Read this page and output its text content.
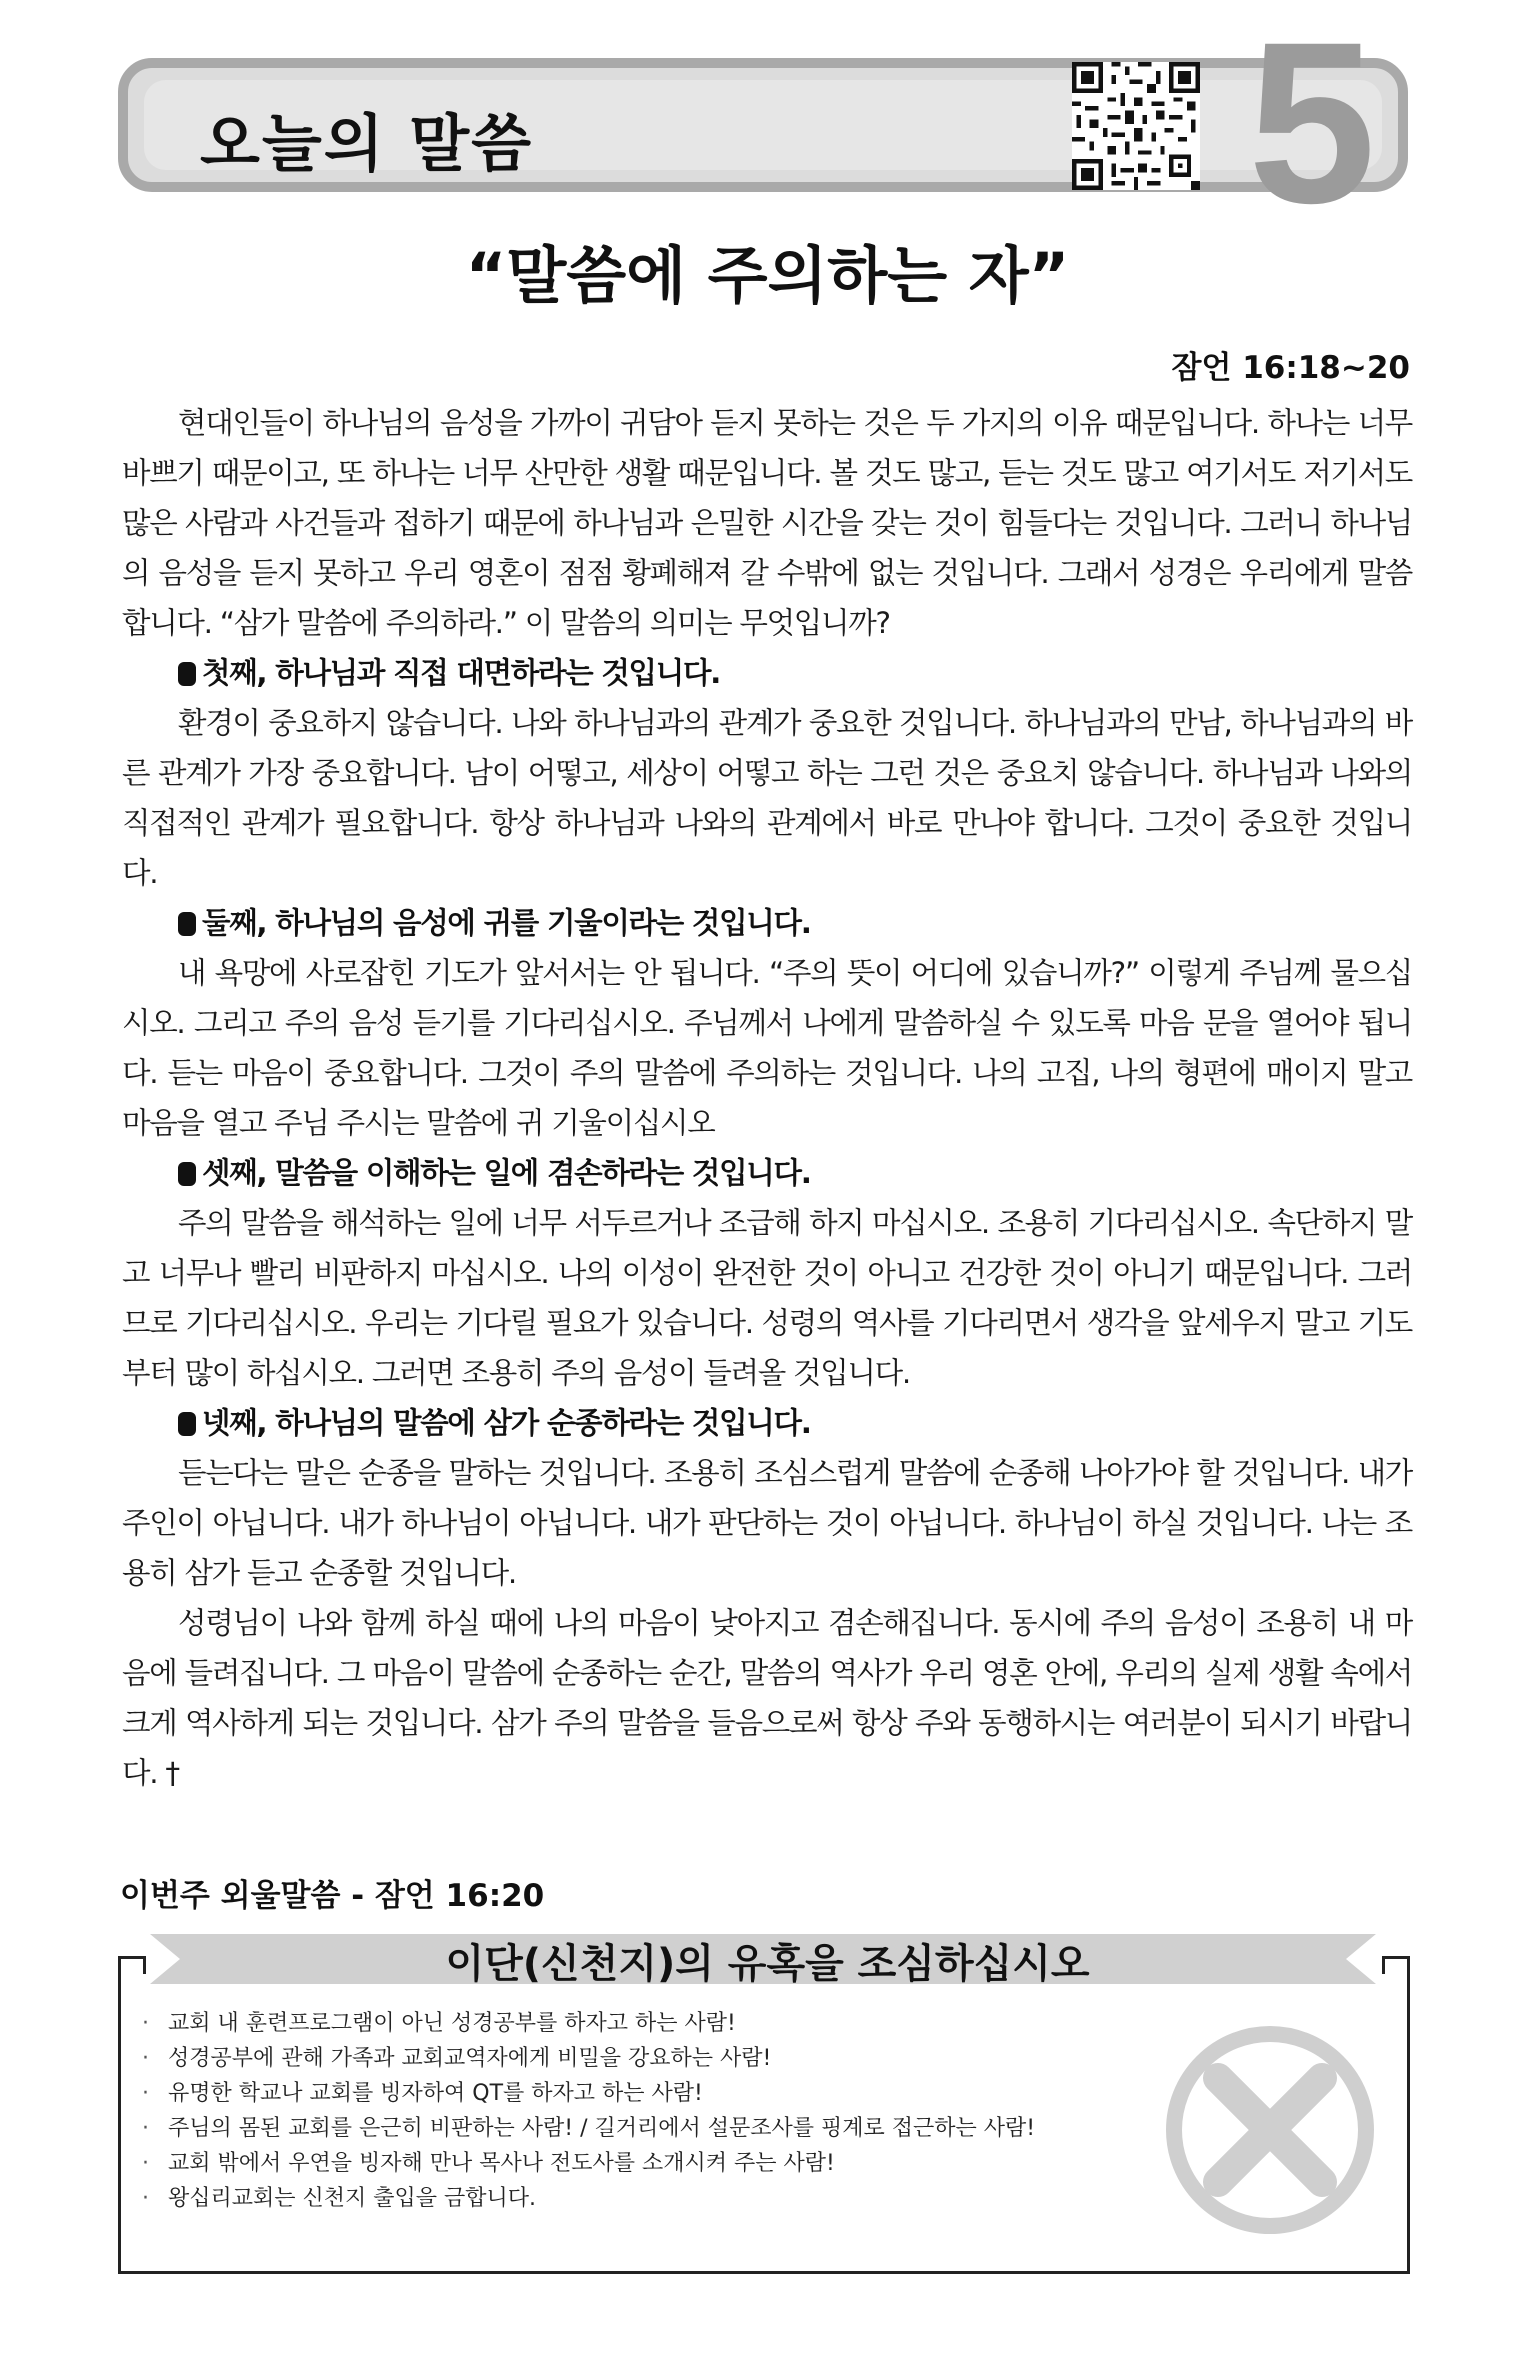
오늘의 말씀	5
“말씀에 주의하는 자”
잠언 16:18~20

현대인들이 하나님의 음성을 가까이 귀담아 듣지 못하는 것은 두 가지의 이유 때문입니다. 하나는 너무 바쁘기 때문이고, 또 하나는 너무 산만한 생활 때문입니다. 볼 것도 많고, 듣는 것도 많고 여기서도 저기서도 많은 사람과 사건들과 접하기 때문에 하나님과 은밀한 시간을 갖는 것이 힘들다는 것입니다. 그러니 하나님의 음성을 듣지 못하고 우리 영혼이 점점 황폐해져 갈 수밖에 없는 것입니다. 그래서 성경은 우리에게 말씀합니다. “삼가 말씀에 주의하라.” 이 말씀의 의미는 무엇입니까?

첫째, 하나님과 직접 대면하라는 것입니다.

환경이 중요하지 않습니다. 나와 하나님과의 관계가 중요한 것입니다. 하나님과의 만남, 하나님과의 바른 관계가 가장 중요합니다. 남이 어떻고, 세상이 어떻고 하는 그런 것은 중요치 않습니다. 하나님과 나와의 직접적인 관계가 필요합니다. 항상 하나님과 나와의 관계에서 바로 만나야 합니다. 그것이 중요한 것입니다.

둘째, 하나님의 음성에 귀를 기울이라는 것입니다.

내 욕망에 사로잡힌 기도가 앞서서는 안 됩니다. “주의 뜻이 어디에 있습니까?” 이렇게 주님께 물으십시오. 그리고 주의 음성 듣기를 기다리십시오. 주님께서 나에게 말씀하실 수 있도록 마음 문을 열어야 됩니다. 듣는 마음이 중요합니다. 그것이 주의 말씀에 주의하는 것입니다. 나의 고집, 나의 형편에 매이지 말고 마음을 열고 주님 주시는 말씀에 귀 기울이십시오

셋째, 말씀을 이해하는 일에 겸손하라는 것입니다.

주의 말씀을 해석하는 일에 너무 서두르거나 조급해 하지 마십시오. 조용히 기다리십시오. 속단하지 말고 너무나 빨리 비판하지 마십시오. 나의 이성이 완전한 것이 아니고 건강한 것이 아니기 때문입니다. 그러므로 기다리십시오. 우리는 기다릴 필요가 있습니다. 성령의 역사를 기다리면서 생각을 앞세우지 말고 기도부터 많이 하십시오. 그러면 조용히 주의 음성이 들려올 것입니다.

넷째, 하나님의 말씀에 삼가 순종하라는 것입니다.

듣는다는 말은 순종을 말하는 것입니다. 조용히 조심스럽게 말씀에 순종해 나아가야 할 것입니다. 내가 주인이 아닙니다. 내가 하나님이 아닙니다. 내가 판단하는 것이 아닙니다. 하나님이 하실 것입니다. 나는 조용히 삼가 듣고 순종할 것입니다.

성령님이 나와 함께 하실 때에 나의 마음이 낮아지고 겸손해집니다. 동시에 주의 음성이 조용히 내 마음에 들려집니다. 그 마음이 말씀에 순종하는 순간, 말씀의 역사가 우리 영혼 안에, 우리의 실제 생활 속에서 크게 역사하게 되는 것입니다. 삼가 주의 말씀을 들음으로써 항상 주와 동행하시는 여러분이 되시기 바랍니다. †

이번주 외울말씀 - 잠언 16:20
이단(신천지)의 유혹을 조심하십시오
· 교회 내 훈련프로그램이 아닌 성경공부를 하자고 하는 사람!
· 성경공부에 관해 가족과 교회교역자에게 비밀을 강요하는 사람!
· 유명한 학교나 교회를 빙자하여 QT를 하자고 하는 사람!
· 주님의 몸된 교회를 은근히 비판하는 사람! / 길거리에서 설문조사를 핑계로 접근하는 사람!
· 교회 밖에서 우연을 빙자해 만나 목사나 전도사를 소개시켜 주는 사람!
· 왕십리교회는 신천지 출입을 금합니다.
